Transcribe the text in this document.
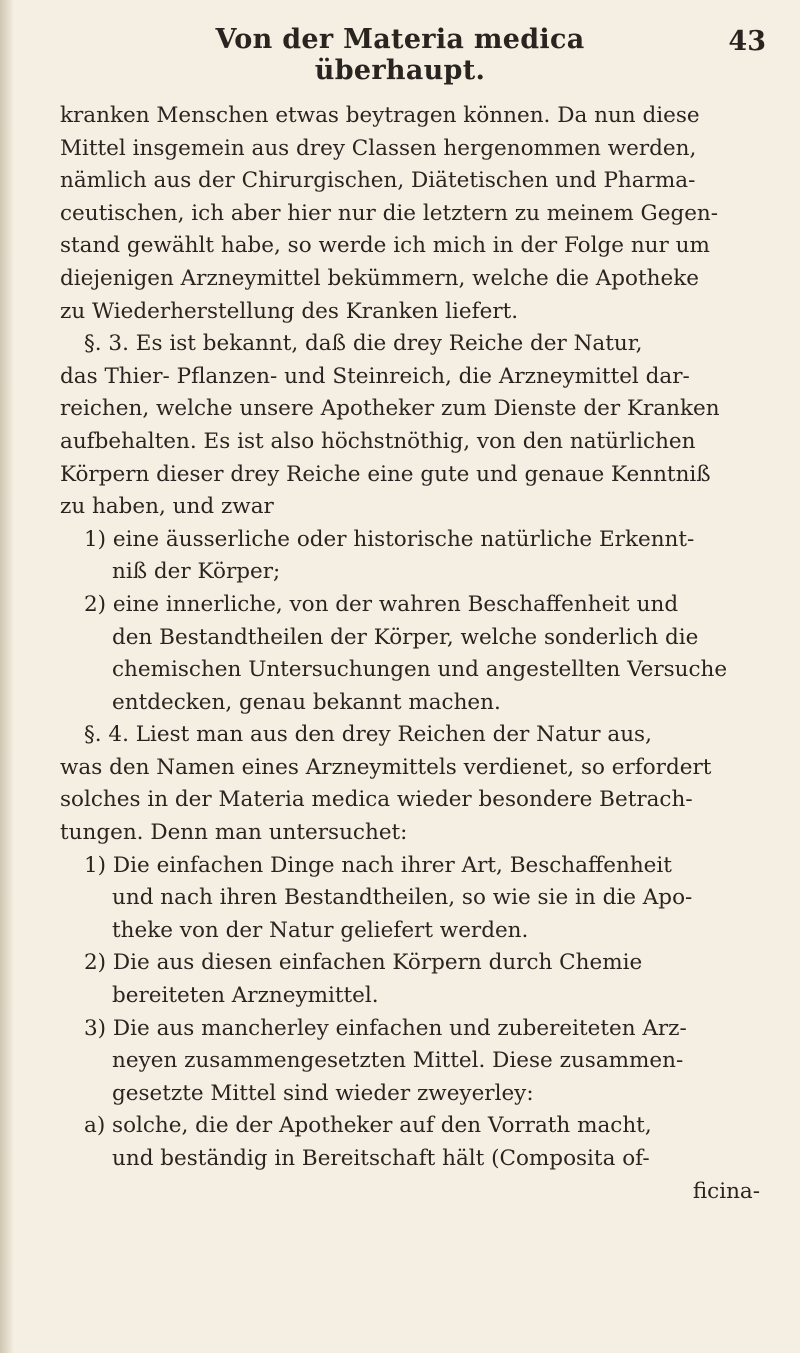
Von der Materia medica überhaupt.
43
kranken Menschen etwas beytragen können. Da nun diese
Mittel insgemein aus drey Classen hergenommen werden,
nämlich aus der Chirurgischen, Diätetischen und Pharma-
ceutischen, ich aber hier nur die letztern zu meinem Gegen-
stand gewählt habe, so werde ich mich in der Folge nur um
diejenigen Arzneymittel bekümmern, welche die Apotheke
zu Wiederherstellung des Kranken liefert.
§. 3. Es ist bekannt, daß die drey Reiche der Natur,
das Thier- Pflanzen- und Steinreich, die Arzneymittel dar-
reichen, welche unsere Apotheker zum Dienste der Kranken
aufbehalten. Es ist also höchstnöthig, von den natürlichen
Körpern dieser drey Reiche eine gute und genaue Kenntniß
zu haben, und zwar
1) eine äusserliche oder historische natürliche Erkennt-
niß der Körper;
2) eine innerliche, von der wahren Beschaffenheit und
den Bestandtheilen der Körper, welche sonderlich die
chemischen Untersuchungen und angestellten Versuche
entdecken, genau bekannt machen.
§. 4. Liest man aus den drey Reichen der Natur aus,
was den Namen eines Arzneymittels verdienet, so erfordert
solches in der Materia medica wieder besondere Betrach-
tungen. Denn man untersuchet:
1) Die einfachen Dinge nach ihrer Art, Beschaffenheit
und nach ihren Bestandtheilen, so wie sie in die Apo-
theke von der Natur geliefert werden.
2) Die aus diesen einfachen Körpern durch Chemie
bereiteten Arzneymittel.
3) Die aus mancherley einfachen und zubereiteten Arz-
neyen zusammengesetzten Mittel. Diese zusammen-
gesetzte Mittel sind wieder zweyerley:
a) solche, die der Apotheker auf den Vorrath macht,
und beständig in Bereitschaft hält (Composita of-
ficina-
